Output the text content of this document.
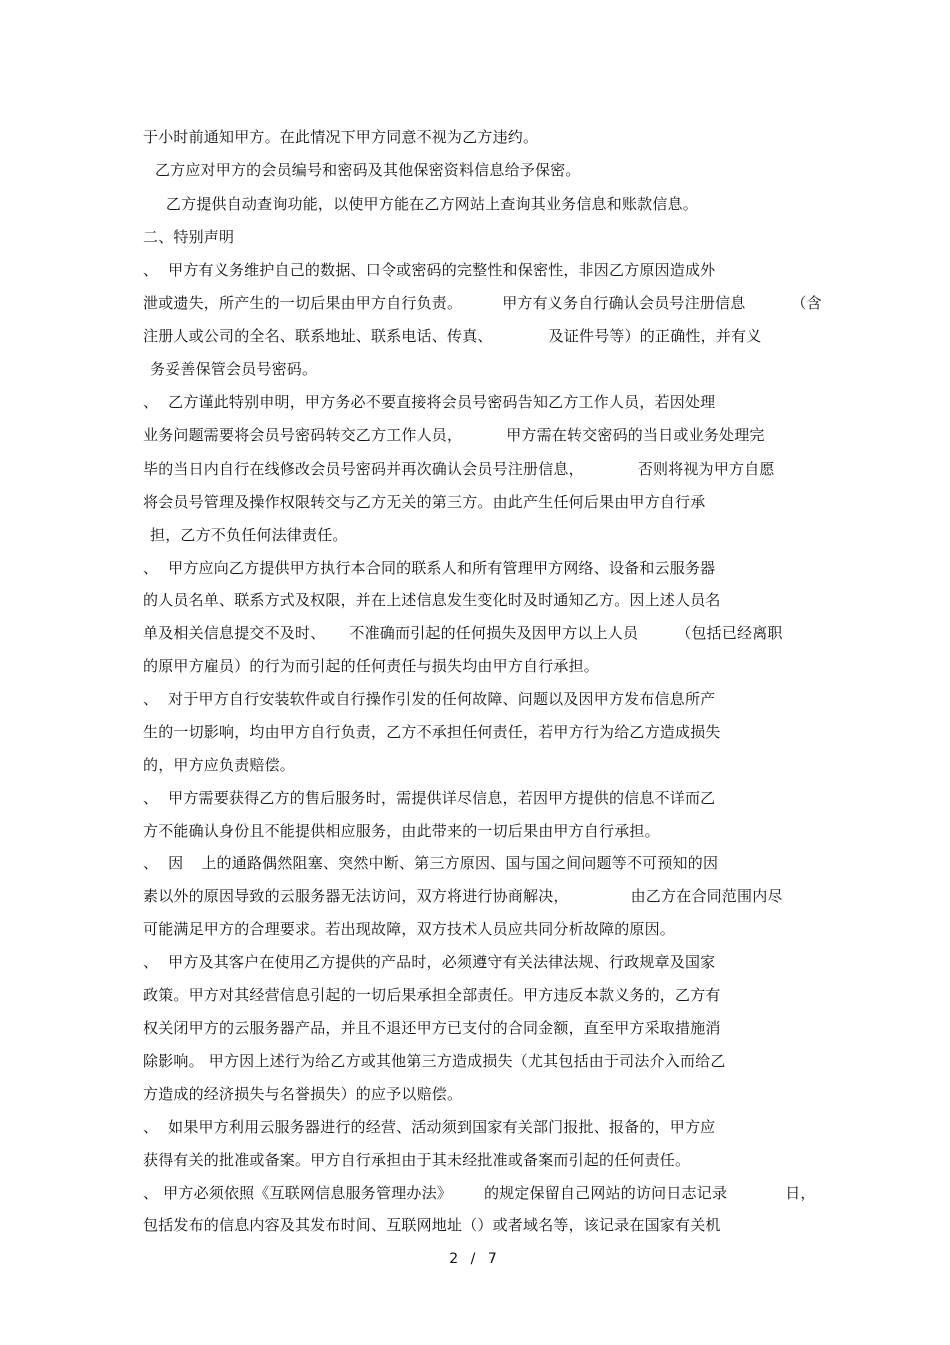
于小时前通知甲方。在此情况下甲方同意不视为乙方违约。
乙方应对甲方的会员编号和密码及其他保密资料信息给予保密。
乙方提供自动查询功能，以使甲方能在乙方网站上查询其业务信息和账款信息。
二、特别声明
、  甲方有义务维护自己的数据、口令或密码的完整性和保密性，非因乙方原因造成外
泄或遗失，所产生的一切后果由甲方自行负责。	甲方有义务自行确认会员号注册信息	（含
注册人或公司的全名、联系地址、联系电话、传真、	及证件号等）的正确性，并有义
务妥善保管会员号密码。
、  乙方谨此特别申明，甲方务必不要直接将会员号密码告知乙方工作人员，若因处理
业务问题需要将会员号密码转交乙方工作人员，	甲方需在转交密码的当日或业务处理完
毕的当日内自行在线修改会员号密码并再次确认会员号注册信息，	否则将视为甲方自愿
将会员号管理及操作权限转交与乙方无关的第三方。由此产生任何后果由甲方自行承
担，乙方不负任何法律责任。
、  甲方应向乙方提供甲方执行本合同的联系人和所有管理甲方网络、设备和云服务器
的人员名单、联系方式及权限，并在上述信息发生变化时及时通知乙方。因上述人员名
单及相关信息提交不及时、 不准确而引起的任何损失及因甲方以上人员	（包括已经离职
的原甲方雇员）的行为而引起的任何责任与损失均由甲方自行承担。
、  对于甲方自行安装软件或自行操作引发的任何故障、问题以及因甲方发布信息所产
生的一切影响，均由甲方自行负责，乙方不承担任何责任，若甲方行为给乙方造成损失
的，甲方应负责赔偿。
、  甲方需要获得乙方的售后服务时，需提供详尽信息，若因甲方提供的信息不详而乙
方不能确认身份且不能提供相应服务，由此带来的一切后果由甲方自行承担。
、  因 上的通路偶然阻塞、突然中断、第三方原因、国与国之间问题等不可预知的因
素以外的原因导致的云服务器无法访问，双方将进行协商解决，	由乙方在合同范围内尽
可能满足甲方的合理要求。若出现故障，双方技术人员应共同分析故障的原因。
、  甲方及其客户在使用乙方提供的产品时，必须遵守有关法律法规、行政规章及国家
政策。甲方对其经营信息引起的一切后果承担全部责任。甲方违反本款义务的，乙方有
权关闭甲方的云服务器产品，并且不退还甲方已支付的合同金额，直至甲方采取措施消
除影响。 甲方因上述行为给乙方或其他第三方造成损失（尤其包括由于司法介入而给乙
方造成的经济损失与名誉损失）的应予以赔偿。
、  如果甲方利用云服务器进行的经营、活动须到国家有关部门报批、报备的，甲方应
获得有关的批准或备案。甲方自行承担由于其未经批准或备案而引起的任何责任。
、 甲方必须依照《互联网信息服务管理办法》 的规定保留自己网站的访问日志记录	日，
包括发布的信息内容及其发布时间、互联网地址（）或者域名等，该记录在国家有关机
2 / 7
